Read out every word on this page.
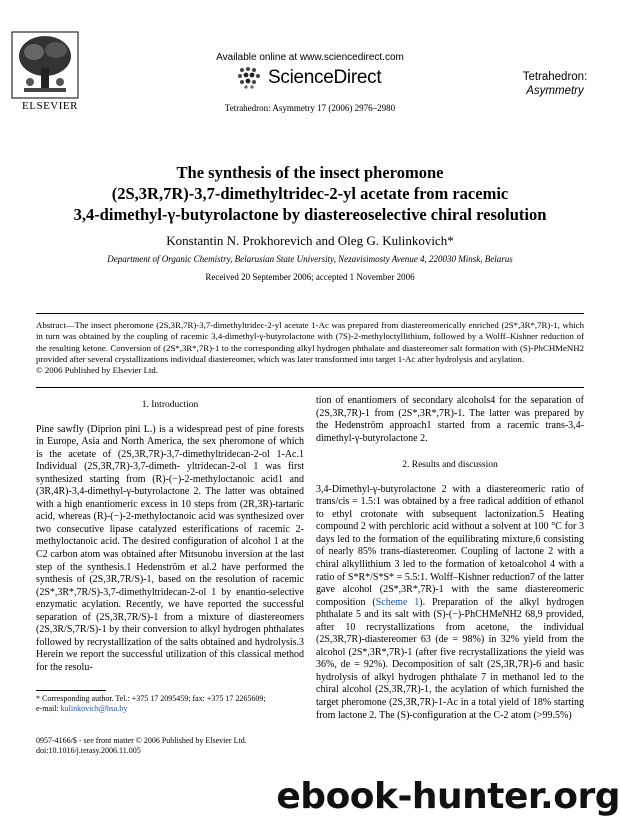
ELSEVIER
Available online at www.sciencedirect.com
ScienceDirect
Tetrahedron: Asymmetry 17 (2006) 2976–2980
Tetrahedron:
Asymmetry
The synthesis of the insect pheromone
(2S,3R,7R)-3,7-dimethyltridec-2-yl acetate from racemic
3,4-dimethyl-γ-butyrolactone by diastereoselective chiral resolution
Konstantin N. Prokhorevich and Oleg G. Kulinkovich*
Department of Organic Chemistry, Belarusian State University, Nezavisimosty Avenue 4, 220030 Minsk, Belarus
Received 20 September 2006; accepted 1 November 2006
Abstract—The insect pheromone (2S,3R,7R)-3,7-dimethyltridec-2-yl acetate 1-Ac was prepared from diastereomerically enriched (2S*,3R*,7R)-1, which in turn was obtained by the coupling of racemic 3,4-dimethyl-γ-butyrolactone with (7S)-2-methyloctyllithium, followed by a Wolff–Kishner reduction of the resulting ketone. Conversion of (2S*,3R*,7R)-1 to the corresponding alkyl hydrogen phthalate and diastereomer salt formation with (S)-PhCHMeNH2 provided after several crystallizations individual diastereomer, which was later transformed into target 1-Ac after hydrolysis and acylation.
© 2006 Published by Elsevier Ltd.
1. Introduction

Pine sawfly (Diprion pini L.) is a widespread pest of pine forests in Europe, Asia and North America, the sex pheromone of which is the acetate of (2S,3R,7R)-3,7-dimethyltridecan-2-ol 1-Ac.1 Individual (2S,3R,7R)-3,7-dimeth- yltridecan-2-ol 1 was first synthesized starting from (R)-(−)-2-methyloctanoic acid1 and (3R,4R)-3,4-dimethyl-γ-butyrolactone 2. The latter was obtained with a high enantiomeric excess in 10 steps from (2R,3R)-tartaric acid, whereas (R)-(−)-2-methyloctanoic acid was synthesized over two consecutive lipase catalyzed esterifications of racemic 2-methyloctanoic acid. The desired configuration of alcohol 1 at the C2 carbon atom was obtained after Mitsunobu inversion at the last step of the synthesis.1 Hedenström et al.2 have performed the synthesis of (2S,3R,7R/S)-1, based on the resolution of racemic (2S*,3R*,7R/S)-3,7-dimethyltridecan-2-ol 1 by enantio-selective enzymatic acylation. Recently, we have reported the successful separation of (2S,3R,7R/S)-1 from a mixture of diastereomers (2S,3R/S,7R/S)-1 by their conversion to alkyl hydrogen phthalates followed by recrystallization of the salts obtained and hydrolysis.3 Herein we report the successful utilization of this classical method for the resolu-

* Corresponding author. Tel.: +375 17 2095459; fax: +375 17 2265609;
e-mail: kulinkovich@bsu.by
0957-4166/$ - see front matter © 2006 Published by Elsevier Ltd.
doi:10.1016/j.tetasy.2006.11.005

tion of enantiomers of secondary alcohols4 for the separation of (2S,3R,7R)-1 from (2S*,3R*,7R)-1. The latter was prepared by the Hedenström approach1 started from a racemic trans-3,4-dimethyl-γ-butyrolactone 2.

2. Results and discussion

3,4-Dimethyl-γ-butyrolactone 2 with a diastereomeric ratio of trans/cis = 1.5:1 was obtained by a free radical addition of ethanol to ethyl crotonate with subsequent lactonization.5 Heating compound 2 with perchloric acid without a solvent at 100 °C for 3 days led to the formation of the equilibrating mixture,6 consisting of nearly 85% trans-diastereomer. Coupling of lactone 2 with a chiral alkyllithium 3 led to the formation of ketoalcohol 4 with a ratio of S*R*/S*S* = 5.5:1. Wolff–Kishner reduction7 of the latter gave alcohol (2S*,3R*,7R)-1 with the same diastereomeric composition (Scheme 1). Preparation of the alkyl hydrogen phthalate 5 and its salt with (S)-(−)-PhCHMeNH2 68,9 provided, after 10 recrystallizations from acetone, the individual (2S,3R,7R)-diastereomer 63 (de = 98%) in 32% yield from the alcohol (2S*,3R*,7R)-1 (after five recrystallizations the yield was 36%, de = 92%). Decomposition of salt (2S,3R,7R)-6 and basic hydrolysis of alkyl hydrogen phthalate 7 in methanol led to the chiral alcohol (2S,3R,7R)-1, the acylation of which furnished the target pheromone (2S,3R,7R)-1-Ac in a total yield of 18% starting from lactone 2. The (S)-configuration at the C-2 atom (>99.5%)

ebook-hunter.org
